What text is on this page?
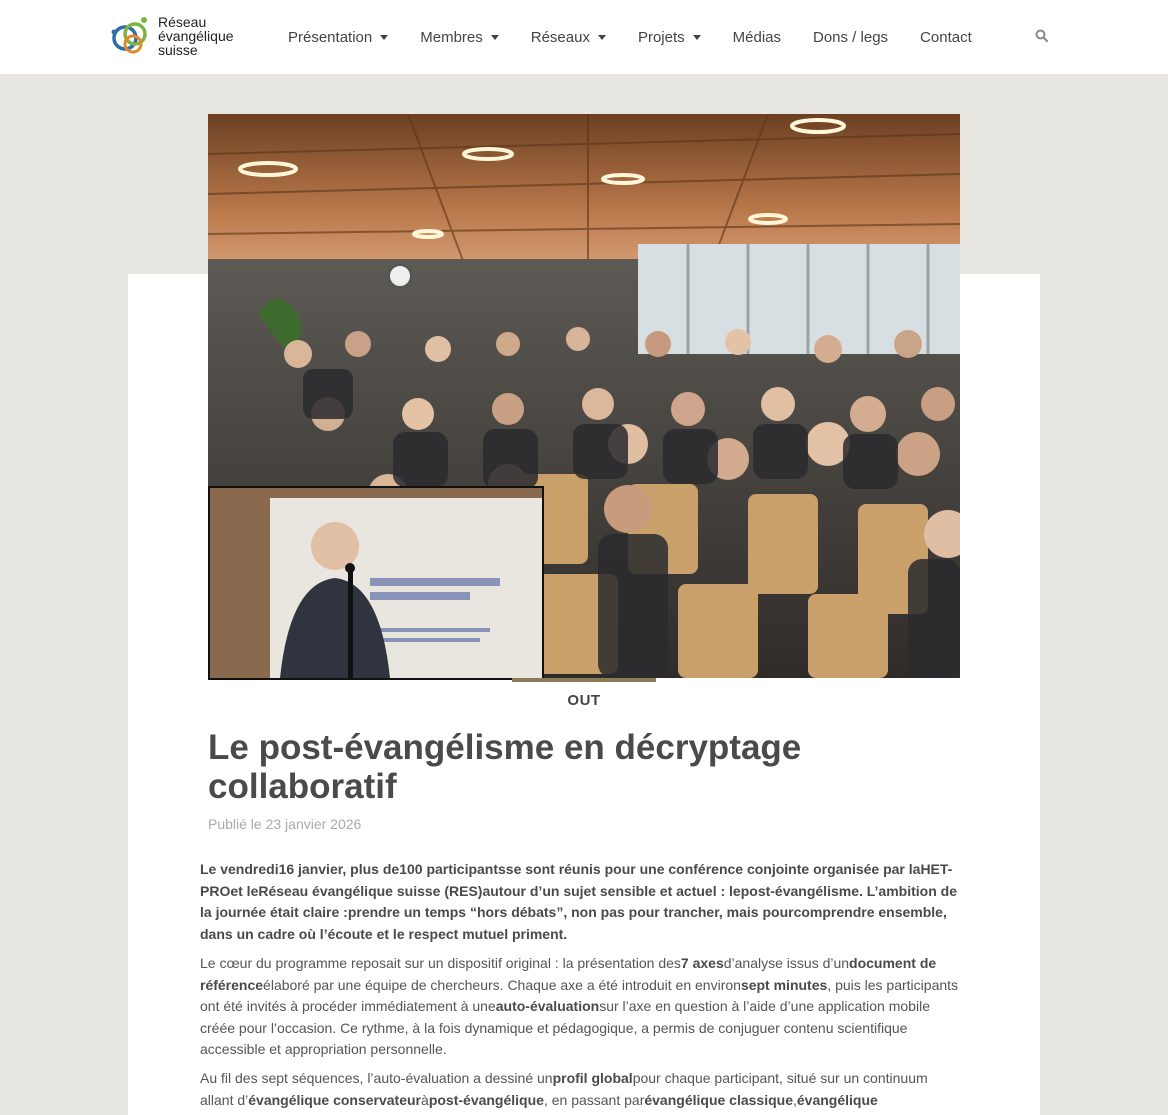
Réseau
évangélique
suisse
Présentation	Membres	Réseaux	Projets	Médias Dons / legs Contact
OUT
Le post-évangélisme en décryptage collaboratif
Publié le 23 janvier 2026

Le vendredi16 janvier, plus de100 participantsse sont réunis pour une conférence conjointe organisée par laHET-PROet leRéseau évangélique suisse (RES)autour d’un sujet sensible et actuel : lepost-évangélisme. L’ambition de la journée était claire :prendre un temps “hors débats”, non pas pour trancher, mais pourcomprendre ensemble, dans un cadre où l’écoute et le respect mutuel priment.

Le cœur du programme reposait sur un dispositif original : la présentation des7 axesd’analyse issus d’undocument de référenceélaboré par une équipe de chercheurs. Chaque axe a été introduit en environsept minutes, puis les participants ont été invités à procéder immédiatement à uneauto-évaluationsur l’axe en question à l’aide d’une application mobile créée pour l’occasion. Ce rythme, à la fois dynamique et pédagogique, a permis de conjuguer contenu scientifique accessible et appropriation personnelle.

Au fil des sept séquences, l’auto-évaluation a dessiné unprofil globalpour chaque participant, situé sur un continuum allant d’évangélique conservateuràpost-évangélique, en passant parévangélique classique,évangélique
